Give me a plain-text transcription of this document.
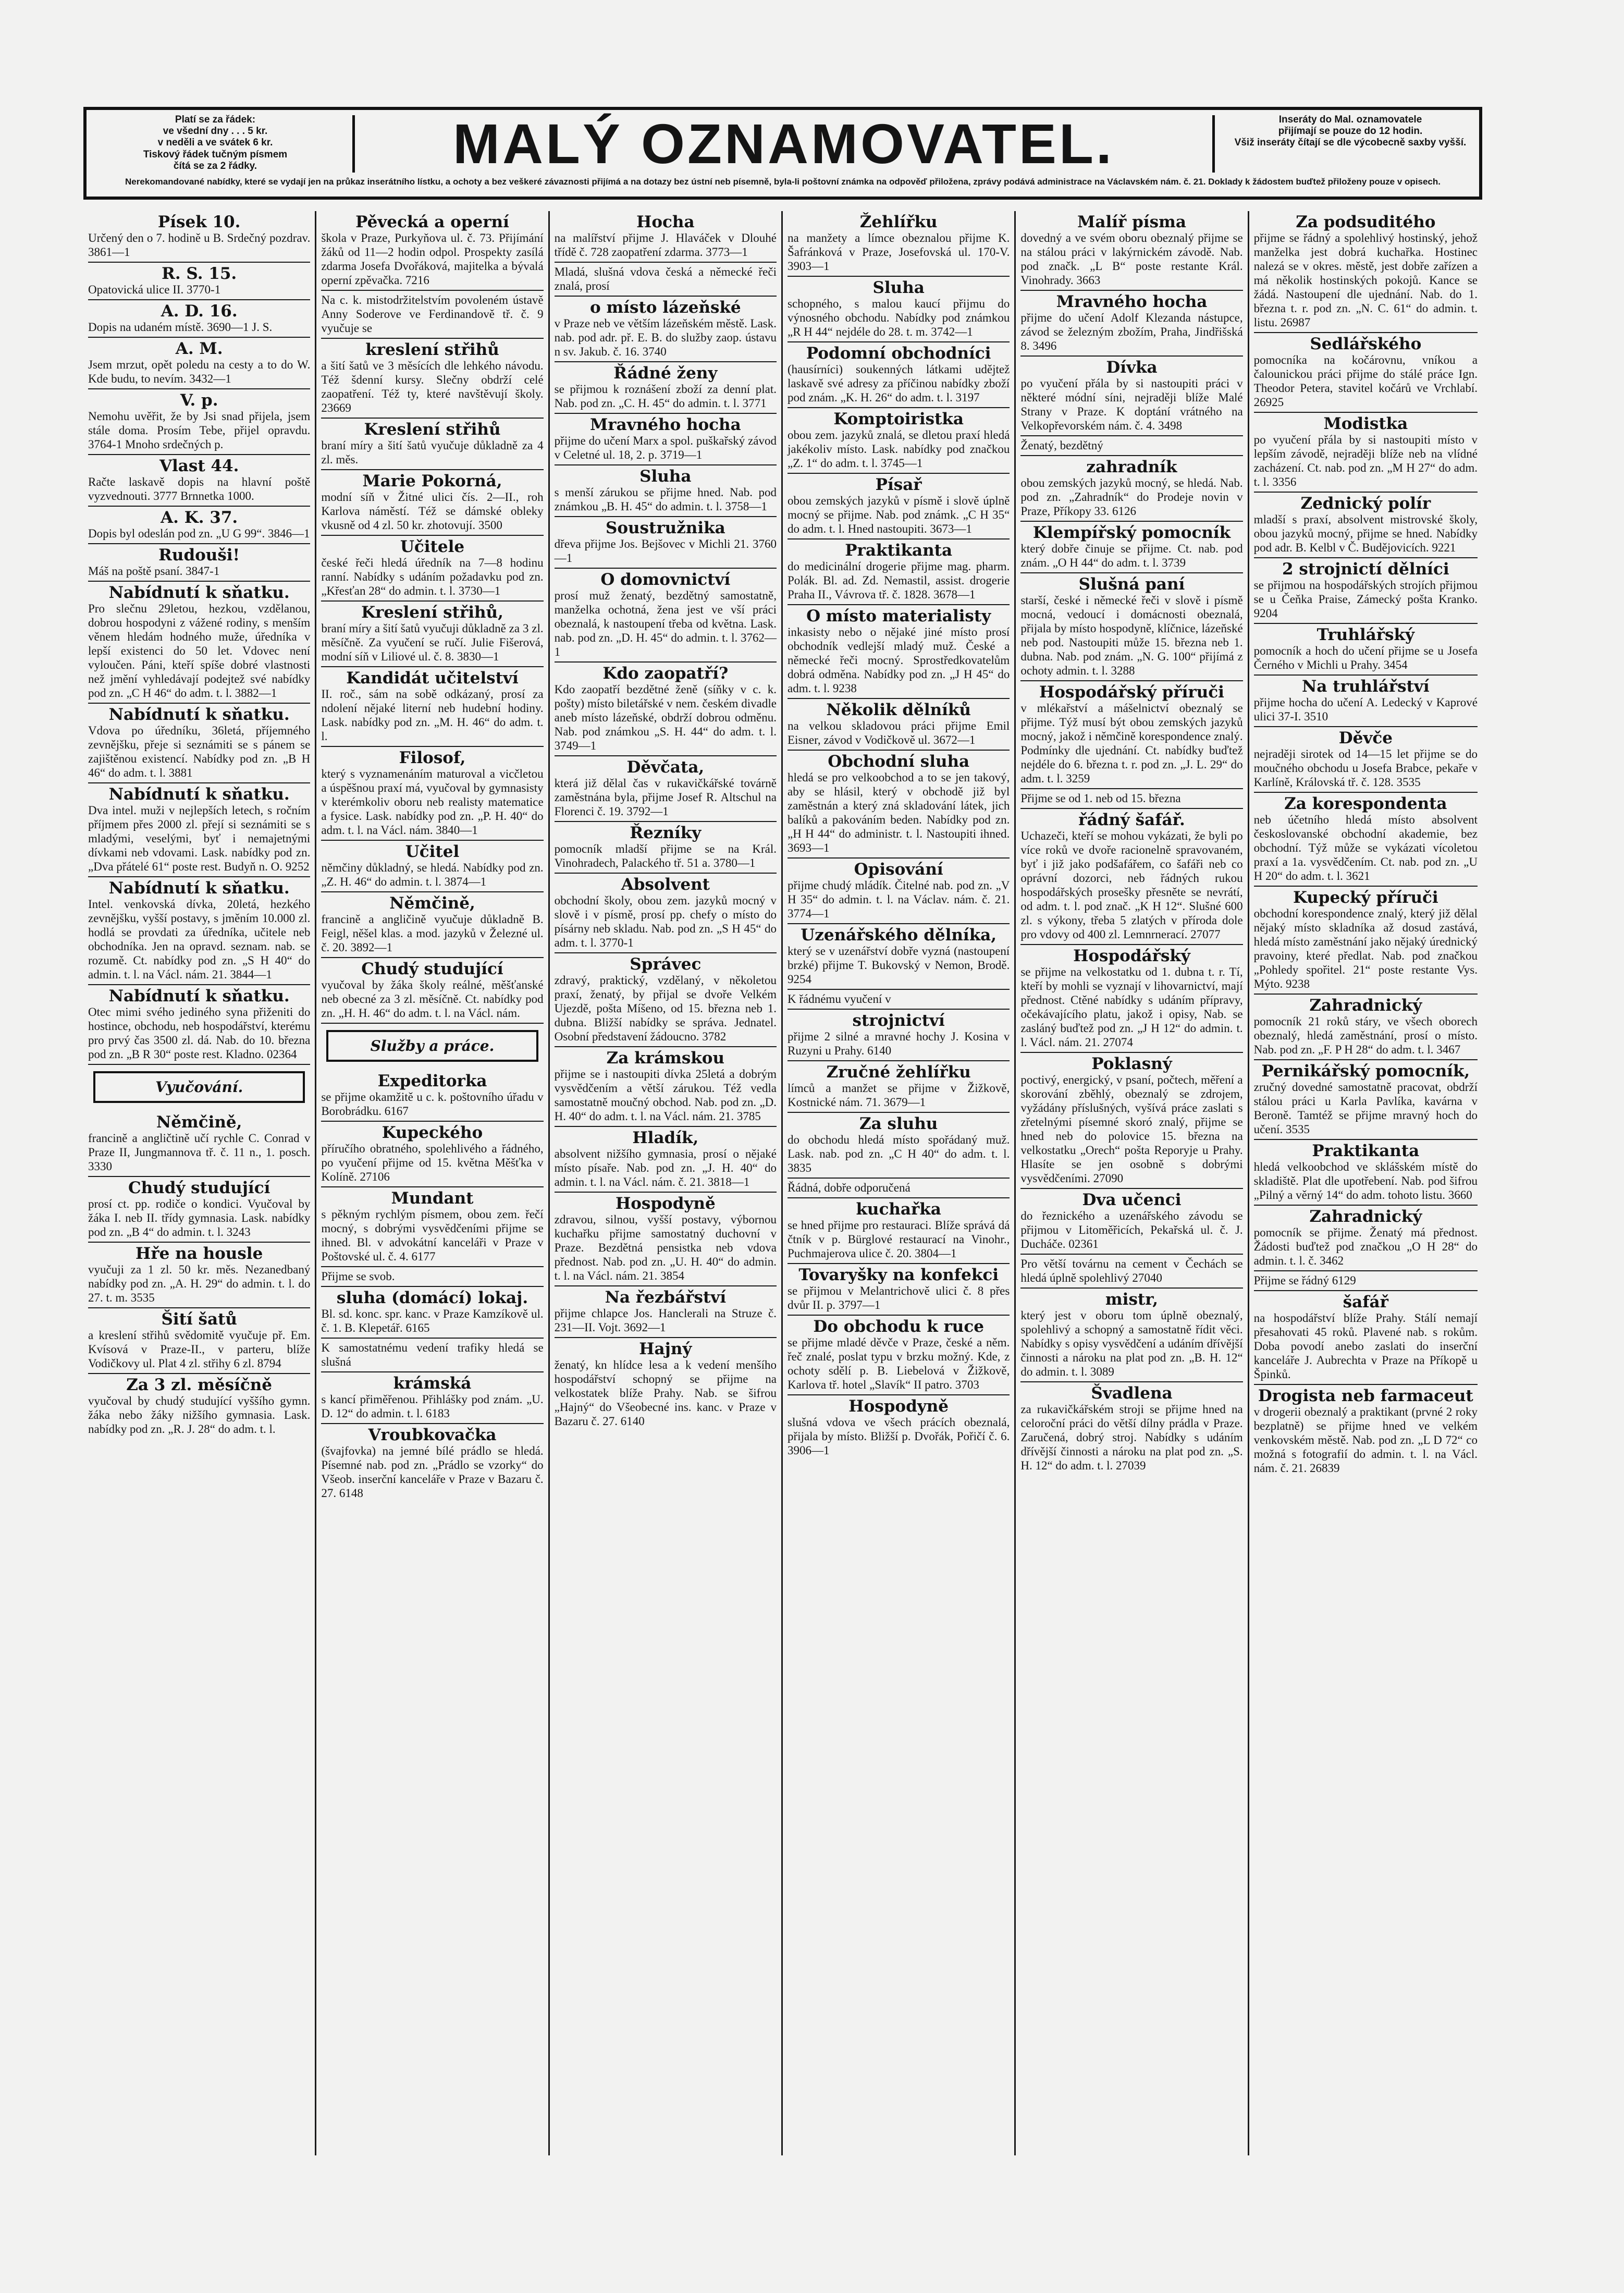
Platí se za řádek:
ve všední dny . . . 5 kr.
v neděli a ve svátek 6 kr.
Tiskový řádek tučným písmem
čítá se za 2 řádky.	MALÝ OZNAMOVATEL.	Inseráty do Mal. oznamovatele
přijímají se pouze do 12 hodin.
Všiž inseráty čítají se dle výcobecně saxby vyšší.
Nerekomandované nabídky, které se vydají jen na průkaz inserátního lístku, a ochoty a bez veškeré závaznosti přijímá a na dotazy bez ústní neb písemně, byla-li poštovní známka na odpověď přiložena, zprávy podává administrace na Václavském nám. č. 21. Doklady k žádostem buďtež přiloženy pouze v opisech.
Písek 10.
Určený den o 7. hodině u B. Srdečný pozdrav. 3861—1
R. S. 15.
Opatovická ulice II. 3770-1
A. D. 16.
Dopis na udaném místě. 3690—1 J. S.
A. M.
Jsem mrzut, opět poledu na cesty a to do W. Kde budu, to nevím. 3432—1
V. p.
Nemohu uvěřit, že by Jsi snad přijela, jsem stále doma. Prosím Tebe, přijel opravdu. 3764-1 Mnoho srdečných p.
Vlast 44.
Račte laskavě dopis na hlavní poště vyzvednouti. 3777 Brnnetka 1000.
A. K. 37.
Dopis byl odeslán pod zn. „U G 99“. 3846—1
Rudouši!
Máš na poště psaní. 3847-1
Nabídnutí k sňatku.
Pro slečnu 29letou, hezkou, vzdělanou, dobrou hospodyni z vážené rodiny, s menším věnem hledám hodného muže, úředníka v lepší existenci do 50 let. Vdovec není vyloučen. Páni, kteří spíše dobré vlastnosti než jmění vyhledávají podejtež své nabídky pod zn. „C H 46“ do adm. t. l. 3882—1
Nabídnutí k sňatku.
Vdova po úředníku, 36letá, příjemného zevnějšku, přeje si seznámiti se s pánem se zajištěnou existencí. Nabídky pod zn. „B H 46“ do adm. t. l. 3881
Nabídnutí k sňatku.
Dva intel. muži v nejlepších letech, s ročním příjmem přes 2000 zl. přejí si seznámiti se s mladými, veselými, byť i nemajetnými dívkami neb vdovami. Lask. nabídky pod zn. „Dva přátelé 61“ poste rest. Budyň n. O. 9252
Nabídnutí k sňatku.
Intel. venkovská dívka, 20letá, hezkého zevnějšku, vyšší postavy, s jměním 10.000 zl. hodlá se provdati za úředníka, učitele neb obchodníka. Jen na opravd. seznam. nab. se rozumě. Ct. nabídky pod zn. „S H 40“ do admin. t. l. na Václ. nám. 21. 3844—1
Nabídnutí k sňatku.
Otec mimi svého jediného syna přiženiti do hostince, obchodu, neb hospodářství, kterému pro prvý čas 3500 zl. dá. Nab. do 10. března pod zn. „B R 30“ poste rest. Kladno. 02364
Vyučování.
Němčině,
francině a angličtině učí rychle C. Conrad v Praze II, Jungmannova tř. č. 11 n., 1. posch. 3330
Chudý studující
prosí ct. pp. rodiče o kondici. Vyučoval by žáka I. neb II. třídy gymnasia. Lask. nabídky pod zn. „B 4“ do admin. t. l. 3243
Hře na housle
vyučuji za 1 zl. 50 kr. měs. Nezanedbaný nabídky pod zn. „A. H. 29“ do admin. t. l. do 27. t. m. 3535
Šití šatů
a kreslení střihů svědomitě vyučuje př. Em. Kvísová v Praze-II., v parteru, blíže Vodičkovy ul. Plat 4 zl. střihy 6 zl. 8794
Za 3 zl. měsíčně
vyučoval by chudý studující vyššího gymn. žáka nebo žáky nižšího gymnasia. Lask. nabídky pod zn. „R. J. 28“ do adm. t. l.
Pěvecká a operní
škola v Praze, Purkyňova ul. č. 73. Přijímání žáků od 11—2 hodin odpol. Prospekty zasílá zdarma Josefa Dvořáková, majitelka a bývalá operní zpěvačka. 7216
Na c. k. mistodržitelstvím povoleném ústavě Anny Soderove ve Ferdinandově tř. č. 9 vyučuje se
kreslení střihů
a šití šatů ve 3 měsících dle lehkého návodu. Též šdenní kursy. Slečny obdrží celé zaopatření. Též ty, které navštěvují školy. 23669
Kreslení střihů
braní míry a šití šatů vyučuje důkladně za 4 zl. měs.
Marie Pokorná,
modní síň v Žitné ulici čís. 2—II., roh Karlova náměstí. Též se dámské obleky vkusně od 4 zl. 50 kr. zhotovují. 3500
Učitele
české řeči hledá úředník na 7—8 hodinu ranní. Nabídky s udáním požadavku pod zn. „Křesťan 28“ do admin. t. l. 3730—1
Kreslení střihů,
braní míry a šití šatů vyučuji důkladně za 3 zl. měsíčně. Za vyučení se ručí. Julie Fišerová, modní síň v Liliové ul. č. 8. 3830—1
Kandidát učitelství
II. roč., sám na sobě odkázaný, prosí za ndolení nějaké literní neb hudební hodiny. Lask. nabídky pod zn. „M. H. 46“ do adm. t. l.
Filosof,
který s vyznamenáním maturoval a vicčletou a úspěšnou praxí má, vyučoval by gymnasisty v kterémkoliv oboru neb realisty matematice a fysice. Lask. nabídky pod zn. „P. H. 40“ do adm. t. l. na Václ. nám. 3840—1
Učitel
němčiny důkladný, se hledá. Nabídky pod zn. „Z. H. 46“ do admin. t. l. 3874—1
Němčině,
francině a angličině vyučuje důkladně B. Feigl, něšel klas. a mod. jazyků v Železné ul. č. 20. 3892—1
Chudý studující
vyučoval by žáka školy reálné, měšťanské neb obecné za 3 zl. měsíčně. Ct. nabídky pod zn. „H. H. 46“ do adm. t. l. na Václ. nám.
Služby a práce.
Expeditorka
se přijme okamžitě u c. k. poštovního úřadu v Borobrádku. 6167
Kupeckého
příručího obratného, spolehlivého a řádného, po vyučení přijme od 15. května Měšťka v Kolíně. 27106
Mundant
s pěkným rychlým písmem, obou zem. řečí mocný, s dobrými vysvědčeními přijme se ihned. Bl. v advokátní kanceláři v Praze v Poštovské ul. č. 4. 6177
Přijme se svob.
sluha (domácí) lokaj.
Bl. sd. konc. spr. kanc. v Praze Kamzíkově ul. č. 1. B. Klepetář. 6165
K samostatnému vedení trafiky hledá se slušná
krámská
s kancí přiměřenou. Přihlášky pod znám. „U. D. 12“ do admin. t. l. 6183
Vroubkovačka
(švajfovka) na jemné bílé prádlo se hledá. Písemné nab. pod zn. „Prádlo se vzorky“ do Všeob. inserční kanceláře v Praze v Bazaru č. 27. 6148
Hocha
na malířství přijme J. Hlaváček v Dlouhé třídě č. 728 zaopatření zdarma. 3773—1
Mladá, slušná vdova česká a německé řeči znalá, prosí
o místo lázeňské
v Praze neb ve větším lázeňském městě. Lask. nab. pod adr. př. E. B. do služby zaop. ústavu n sv. Jakub. č. 16. 3740
Řádné ženy
se přijmou k roznášení zboží za denní plat. Nab. pod zn. „C. H. 45“ do admin. t. l. 3771
Mravného hocha
přijme do učení Marx a spol. puškařský závod v Celetné ul. 18, 2. p. 3719—1
Sluha
s menší zárukou se přijme hned. Nab. pod známkou „B. H. 45“ do admin. t. l. 3758—1
Soustružnika
dřeva přijme Jos. Bejšovec v Michli 21. 3760—1
O domovnictví
prosí muž ženatý, bezdětný samostatně, manželka ochotná, žena jest ve vší práci obeznalá, k nastoupení třeba od května. Lask. nab. pod zn. „D. H. 45“ do admin. t. l. 3762—1
Kdo zaopatří?
Kdo zaopatří bezdětné ženě (síňky v c. k. pošty) místo biletářské v nem. českém divadle aneb místo lázeňské, obdrží dobrou odměnu. Nab. pod známkou „S. H. 44“ do adm. t. l. 3749—1
Děvčata,
která již dělal čas v rukavičkářské továrně zaměstnána byla, přijme Josef R. Altschul na Florenci č. 19. 3792—1
Řezníky
pomocník mladší přijme se na Král. Vinohradech, Palackého tř. 51 a. 3780—1
Absolvent
obchodní školy, obou zem. jazyků mocný v slově i v písmě, prosí pp. chefy o místo do písárny neb skladu. Nab. pod zn. „S H 45“ do adm. t. l. 3770-1
Správec
zdravý, praktický, vzdělaný, v několetou praxí, ženatý, by přijal se dvoře Velkém Ujezdě, pošta Míšeno, od 15. března neb 1. dubna. Bližší nabídky se správa. Jednatel. Osobní představení žádoucno. 3782
Za krámskou
přijme se i nastoupiti dívka 25letá a dobrým vysvědčením a větší zárukou. Též vedla samostatně moučný obchod. Nab. pod zn. „D. H. 40“ do adm. t. l. na Václ. nám. 21. 3785
Hladík,
absolvent nižšího gymnasia, prosí o nějaké místo písaře. Nab. pod zn. „J. H. 40“ do admin. t. l. na Václ. nám. č. 21. 3818—1
Hospodyně
zdravou, silnou, vyšší postavy, výbornou kuchařku přijme samostatný duchovní v Praze. Bezdětná pensistka neb vdova přednost. Nab. pod zn. „U. H. 40“ do admin. t. l. na Václ. nám. 21. 3854
Na řezbářství
přijme chlapce Jos. Hanclerali na Struze č. 231—II. Vojt. 3692—1
Hajný
ženatý, kn hlídce lesa a k vedení menšího hospodářství schopný se přijme na velkostatek blíže Prahy. Nab. se šifrou „Hajný“ do Všeobecné ins. kanc. v Praze v Bazaru č. 27. 6140
Žehlířku
na manžety a límce obeznalou přijme K. Šafránková v Praze, Josefovská ul. 170-V. 3903—1
Sluha
schopného, s malou kaucí přijmu do výnosného obchodu. Nabídky pod známkou „R H 44“ nejdéle do 28. t. m. 3742—1
Podomní obchodníci
(hausírníci) soukenných látkami udějtež laskavě své adresy za příčinou nabídky zboží pod znám. „K. H. 26“ do adm. t. l. 3197
Komptoiristka
obou zem. jazyků znalá, se dletou praxí hledá jakékoliv místo. Lask. nabídky pod značkou „Z. 1“ do adm. t. l. 3745—1
Písař
obou zemských jazyků v písmě i slově úplně mocný se přijme. Nab. pod známk. „C H 35“ do adm. t. l. Hned nastoupiti. 3673—1
Praktikanta
do medicinální drogerie přijme mag. pharm. Polák. Bl. ad. Zd. Nemastil, assist. drogerie Praha II., Vávrova tř. č. 1828. 3678—1
O místo materialisty
inkasisty nebo o nějaké jiné místo prosí obchodník vedlejší mladý muž. České a německé řeči mocný. Sprostředkovatelům dobrá odměna. Nabídky pod zn. „J H 45“ do adm. t. l. 9238
Několik dělníků
na velkou skladovou práci přijme Emil Eisner, závod v Vodičkově ul. 3672—1
Obchodní sluha
hledá se pro velkoobchod a to se jen takový, aby se hlásil, který v obchodě již byl zaměstnán a který zná skladování látek, jich balíků a pakováním beden. Nabídky pod zn. „H H 44“ do administr. t. l. Nastoupiti ihned. 3693—1
Opisování
přijme chudý mládík. Čitelné nab. pod zn. „V H 35“ do admin. t. l. na Václav. nám. č. 21. 3774—1
Uzenářského dělníka,
který se v uzenářství dobře vyzná (nastoupení brzké) přijme T. Bukovský v Nemon, Brodě. 9254
K řádnému vyučení v
strojnictví
přijme 2 silné a mravné hochy J. Kosina v Ruzyni u Prahy. 6140
Zručné žehlířku
límců a manžet se přijme v Žižkově, Kostnické nám. 71. 3679—1
Za sluhu
do obchodu hledá místo spořádaný muž. Lask. nab. pod zn. „C H 40“ do adm. t. l. 3835
Řádná, dobře odporučená
kuchařka
se hned přijme pro restauraci. Blíže správá dá čtník v p. Bürglové restaurací na Vinohr., Puchmajerova ulice č. 20. 3804—1
Tovaryšky na konfekci
se přijmou v Melantrichově ulici č. 8 přes dvůr II. p. 3797—1
Do obchodu k ruce
se přijme mladé děvče v Praze, české a něm. řeč znalé, poslat typu v brzku možný. Kde, z ochoty sdělí p. B. Liebelová v Žižkově, Karlova tř. hotel „Slavík“ II patro. 3703
Hospodyně
slušná vdova ve všech prácích obeznalá, přijala by místo. Bližší p. Dvořák, Pořičí č. 6. 3906—1
Malíř písma
dovedný a ve svém oboru obeznalý přijme se na stálou práci v lakýrnickém závodě. Nab. pod značk. „L B“ poste restante Král. Vinohrady. 3663
Mravného hocha
přijme do učení Adolf Klezanda nástupce, závod se železným zbožím, Praha, Jindřišská 8. 3496
Dívka
po vyučení přála by si nastoupiti práci v některé módní síni, nejraději blíže Malé Strany v Praze. K doptání vrátného na Velkopřevorském nám. č. 4. 3498
Ženatý, bezdětný
zahradník
obou zemských jazyků mocný, se hledá. Nab. pod zn. „Zahradník“ do Prodeje novin v Praze, Příkopy 33. 6126
Klempířský pomocník
který dobře činuje se přijme. Ct. nab. pod znám. „O H 44“ do adm. t. l. 3739
Slušná paní
starší, české i německé řeči v slově i písmě mocná, vedoucí i domácnosti obeznalá, přijala by místo hospodyně, klíčnice, lázeňské neb pod. Nastoupiti může 15. března neb 1. dubna. Nab. pod znám. „N. G. 100“ přijímá z ochoty admin. t. l. 3288
Hospodářský příruči
v mlékařství a mášelnictví obeznalý se přijme. Týž musí být obou zemských jazyků mocný, jakož i němčině korespondence znalý. Podmínky dle ujednání. Ct. nabídky buďtež nejdéle do 6. března t. r. pod zn. „J. L. 29“ do adm. t. l. 3259
Přijme se od 1. neb od 15. března
řádný šafář.
Uchazeči, kteří se mohou vykázati, že byli po více roků ve dvoře racionelně spravovaném, byť i již jako podšafářem, co šafáři neb co oprávní dozorci, neb řádných rukou hospodářských prosešky přesněte se nevrátí, od adm. t. l. pod znač. „K H 12“. Slušné 600 zl. s výkony, třeba 5 zlatých v příroda dole pro vdovy od 400 zl. Lemnrnerací. 27077
Hospodářský
se přijme na velkostatku od 1. dubna t. r. Tí, kteří by mohli se vyznají v lihovarnictví, mají přednost. Ctěné nabídky s udáním přípravy, očekávajícího platu, jakož i opisy, Nab. se zasláný buďtež pod zn. „J H 12“ do admin. t. l. Václ. nám. 21. 27074
Poklasný
poctivý, energický, v psaní, počtech, měření a skorování zběhlý, obeznalý se zdrojem, vyžádány příslušných, vyšívá práce zaslati s zřetelnými písemné skoró znalý, přijme se hned neb do polovice 15. března na velkostatku „Orech“ pošta Reporyje u Prahy. Hlasíte se jen osobně s dobrými vysvědčeními. 27090
Dva učenci
do řeznického a uzenářského závodu se přijmou v Litoměřicích, Pekařská ul. č. J. Ducháče. 02361
Pro větší továrnu na cement v Čechách se hledá úplně spolehlivý 27040
mistr,
který jest v oboru tom úplně obeznalý, spolehlivý a schopný a samostatně řídit věci. Nabídky s opisy vysvědčení a udáním dřívější činnosti a nároku na plat pod zn. „B. H. 12“ do admin. t. l. 3089
Švadlena
za rukavičkářském stroji se přijme hned na celoroční práci do větší dílny prádla v Praze. Zaručená, dobrý stroj. Nabídky s udáním dřívější činnosti a nároku na plat pod zn. „S. H. 12“ do adm. t. l. 27039
Za podsuditého
přijme se řádný a spolehlivý hostinský, jehož manželka jest dobrá kuchařka. Hostinec nalezá se v okres. městě, jest dobře zařízen a má několik hostinských pokojů. Kance se žádá. Nastoupení dle ujednání. Nab. do 1. března t. r. pod zn. „N. C. 61“ do admin. t. listu. 26987
Sedlářského
pomocníka na kočárovnu, vníkou a čalounickou práci přijme do stálé práce Ign. Theodor Petera, stavitel kočárů ve Vrchlabí. 26925
Modistka
po vyučení přála by si nastoupiti místo v lepším závodě, nejraději blíže neb na vlídné zacházení. Ct. nab. pod zn. „M H 27“ do adm. t. l. 3356
Zednický polír
mladší s praxí, absolvent mistrovské školy, obou jazyků mocný, přijme se hned. Nabídky pod adr. B. Kelbl v Č. Budějovicích. 9221
2 strojnictí dělníci
se přijmou na hospodářských strojích přijmou se u Čeňka Praise, Zámecký pošta Kranko. 9204
Truhlářský
pomocník a hoch do učení přijme se u Josefa Černého v Michli u Prahy. 3454
Na truhlářství
přijme hocha do učení A. Ledecký v Kaprové ulici 37-I. 3510
Děvče
nejraději sirotek od 14—15 let přijme se do moučného obchodu u Josefa Brabce, pekaře v Karlíně, Královská tř. č. 128. 3535
Za korespondenta
neb účetního hledá místo absolvent českoslovanské obchodní akademie, bez obchodní. Týž může se vykázati vícoletou praxí a 1a. vysvědčením. Ct. nab. pod zn. „U H 20“ do adm. t. l. 3621
Kupecký příruči
obchodní korespondence znalý, který již dělal nějaký místo skladníka až dosud zastává, hledá místo zaměstnání jako nějaký úrednický pravoiny, které předlat. Nab. pod značkou „Pohledy spořitel. 21“ poste restante Vys. Mýto. 9238
Zahradnický
pomocník 21 roků stáry, ve všech oborech obeznalý, hledá zaměstnání, prosí o místo. Nab. pod zn. „F. P H 28“ do adm. t. l. 3467
Pernikářský pomocník,
zručný dovedné samostatně pracovat, obdrží stálou práci u Karla Pavlíka, kavárna v Beroně. Tamtéž se přijme mravný hoch do učení. 3535
Praktikanta
hledá velkoobchod ve sklášském místě do skladiště. Plat dle upotřebení. Nab. pod šifrou „Pilný a věrný 14“ do adm. tohoto listu. 3660
Zahradnický
pomocník se přijme. Ženatý má přednost. Žádosti buďtež pod značkou „O H 28“ do admin. t. l. č. 3462
Přijme se řádný 6129
šafář
na hospodářství blíže Prahy. Stálí nemají přesahovati 45 roků. Plavené nab. s rokům. Doba povodí anebo zaslati do inserční kanceláře J. Aubrechta v Praze na Příkopě u Špinků.
Drogista neb farmaceut
v drogerii obeznalý a praktikant (prvné 2 roky bezplatně) se přijme hned ve velkém venkovském městě. Nab. pod zn. „L D 72“ co možná s fotografií do admin. t. l. na Václ. nám. č. 21. 26839
